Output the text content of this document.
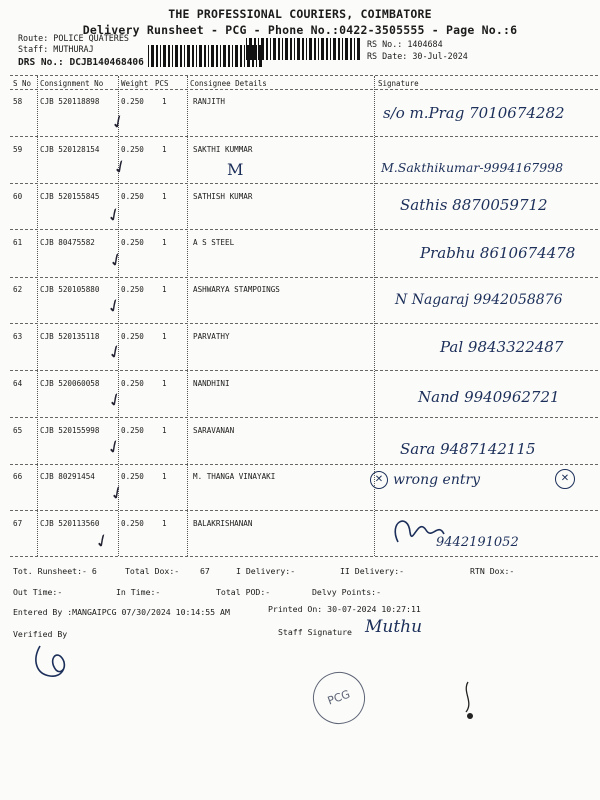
THE PROFESSIONAL COURIERS, COIMBATORE
Delivery Runsheet - PCG - Phone No.:0422-3505555 - Page No.:6
Route: POLICE QUATERES
Staff: MUTHURAJ
DRS No.: DCJB140468406
RS No.: 1404684
RS Date: 30-Jul-2024
S No Consignment No Weight PCS	Consignee Details	Signature
58 CJB 520118898	0.250 1	RANJITH
✓	s/o m.Prag 7010674282
59 CJB 520128154	0.250 1	SAKTHI KUMMAR
M
✓	M.Sakthikumar-9994167998
60 CJB 520155845	0.250 1	SATHISH KUMAR
✓	Sathis 8870059712
61 CJB 80475582	0.250 1	A S STEEL
✓	Prabhu 8610674478
62 CJB 520105880	0.250 1	ASHWARYA STAMPOINGS
✓	N Nagaraj 9942058876
63 CJB 520135118	0.250 1	PARVATHY
✓	Pal 9843322487
64 CJB 520060058	0.250 1	NANDHINI
✓	Nand 9940962721
65 CJB 520155998	0.250 1	SARAVANAN
✓	Sara 9487142115
66 CJB 80291454	0.250 1	M. THANGA VINAYAKI
✓
✕ wrong entry	✕
67 CJB 520113560	0.250 1	BALAKRISHANAN
✓	9442191052
Tot. Runsheet:- 6	Total Dox:-	67	I Delivery:-	II Delivery:-	RTN Dox:-
Out Time:-	In Time:-	Total POD:-	Delvy Points:-
Entered By :MANGAIPCG 07/30/2024 10:14:55 AM	Printed On: 30-07-2024 10:27:11
Verified By	Staff Signature Muthu
PCG
